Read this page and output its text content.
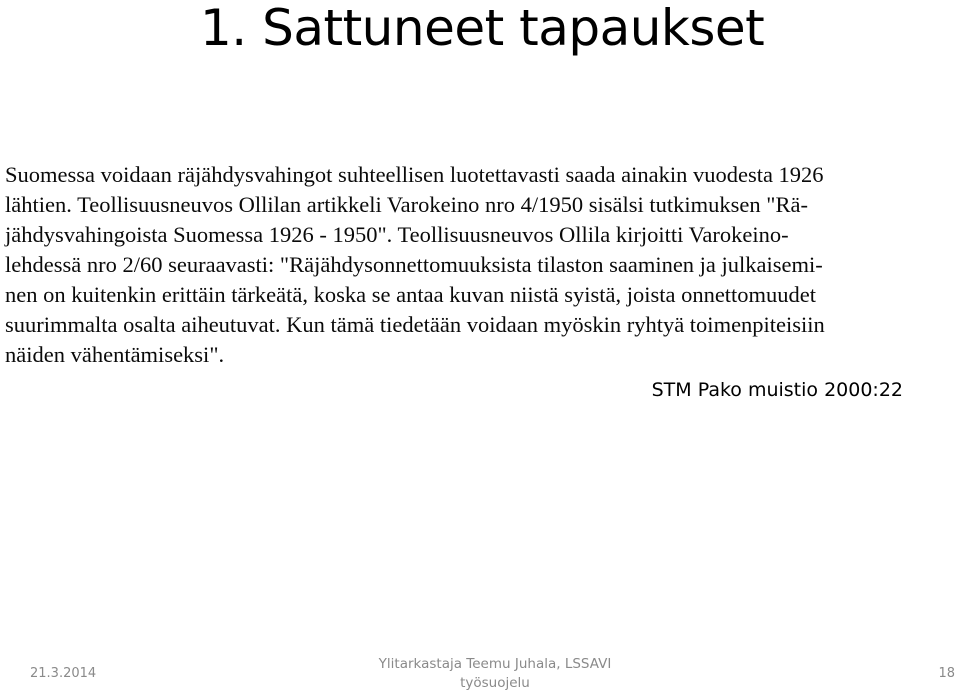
1. Sattuneet tapaukset
Suomessa voidaan räjähdysvahingot suhteellisen luotettavasti saada ainakin vuodesta 1926
lähtien. Teollisuusneuvos Ollilan artikkeli Varokeino nro 4/1950 sisälsi tutkimuksen "Rä-
jähdysvahingoista Suomessa 1926 - 1950". Teollisuusneuvos Ollila kirjoitti Varokeino-
lehdessä nro 2/60 seuraavasti: "Räjähdysonnettomuuksista tilaston saaminen ja julkaisemi-
nen on kuitenkin erittäin tärkeätä, koska se antaa kuvan niistä syistä, joista onnettomuudet
suurimmalta osalta aiheutuvat. Kun tämä tiedetään voidaan myöskin ryhtyä toimenpiteisiin
näiden vähentämiseksi".
STM Pako muistio 2000:22
21.3.2014
Ylitarkastaja Teemu Juhala, LSSAVI
työsuojelu
18
